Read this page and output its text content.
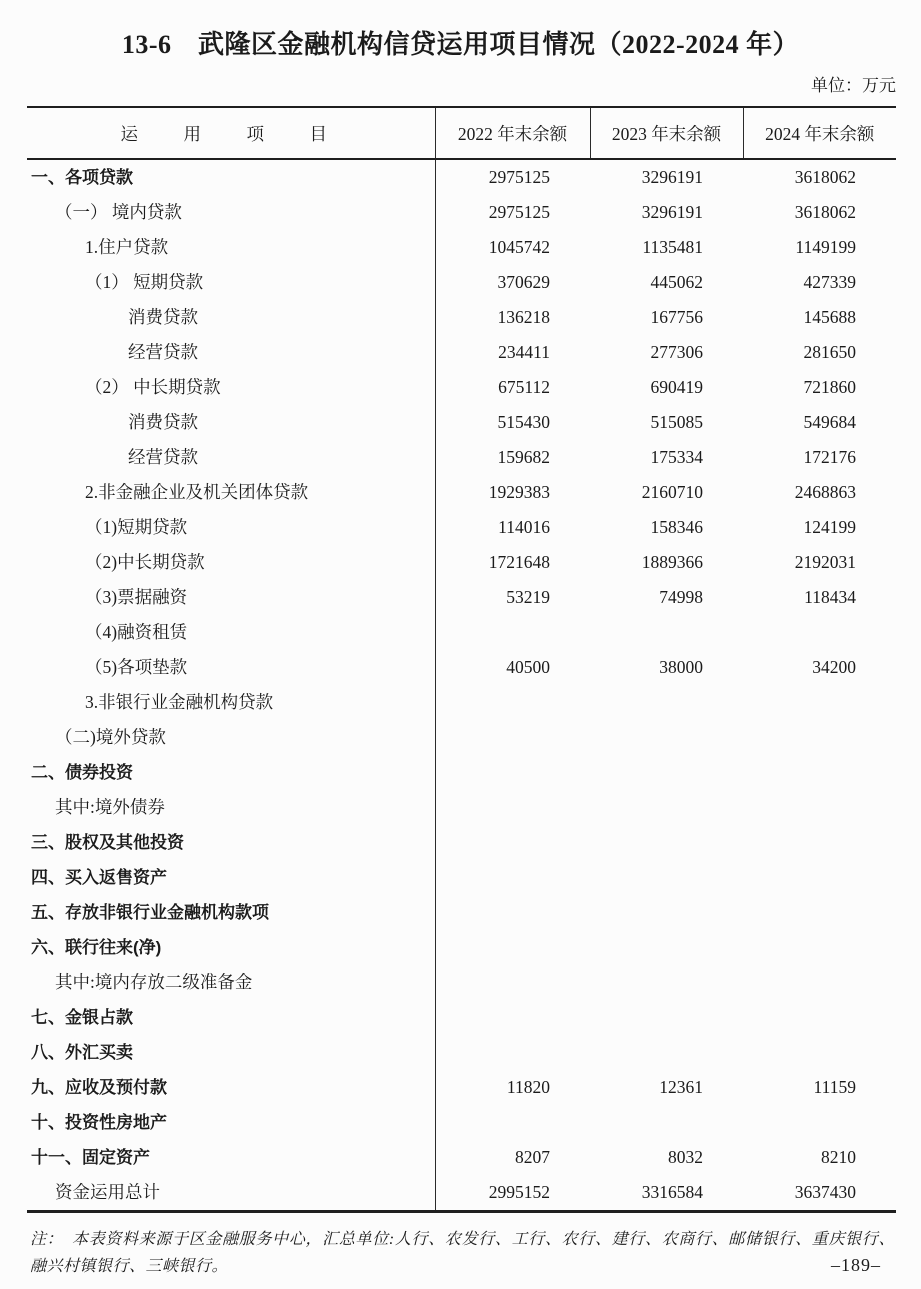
13-6　武隆区金融机构信贷运用项目情况（2022-2024 年）
单位：万元
运　用　项　目	2022 年末余额	2023 年末余额	2024 年末余额
一、各项贷款	2975125	3296191	3618062
（一） 境内贷款	2975125	3296191	3618062
1.住户贷款	1045742	1135481	1149199
（1） 短期贷款	370629	445062	427339
消费贷款	136218	167756	145688
经营贷款	234411	277306	281650
（2） 中长期贷款	675112	690419	721860
消费贷款	515430	515085	549684
经营贷款	159682	175334	172176
2.非金融企业及机关团体贷款	1929383	2160710	2468863
（1)短期贷款	114016	158346	124199
（2)中长期贷款	1721648	1889366	2192031
（3)票据融资	53219	74998	118434
（4)融资租赁			
（5)各项垫款	40500	38000	34200
3.非银行业金融机构贷款			
（二)境外贷款			
二、债券投资			
其中:境外债券			
三、股权及其他投资			
四、买入返售资产			
五、存放非银行业金融机构款项			
六、联行往来(净)			
其中:境内存放二级准备金			
七、金银占款			
八、外汇买卖			
九、应收及预付款	11820	12361	11159
十、投资性房地产			
十一、固定资产	8207	8032	8210
资金运用总计	2995152	3316584	3637430

注：　本表资料来源于区金融服务中心，汇总单位:人行、农发行、工行、农行、建行、农商行、邮储银行、重庆银行、融兴村镇银行、三峡银行。	–189–
